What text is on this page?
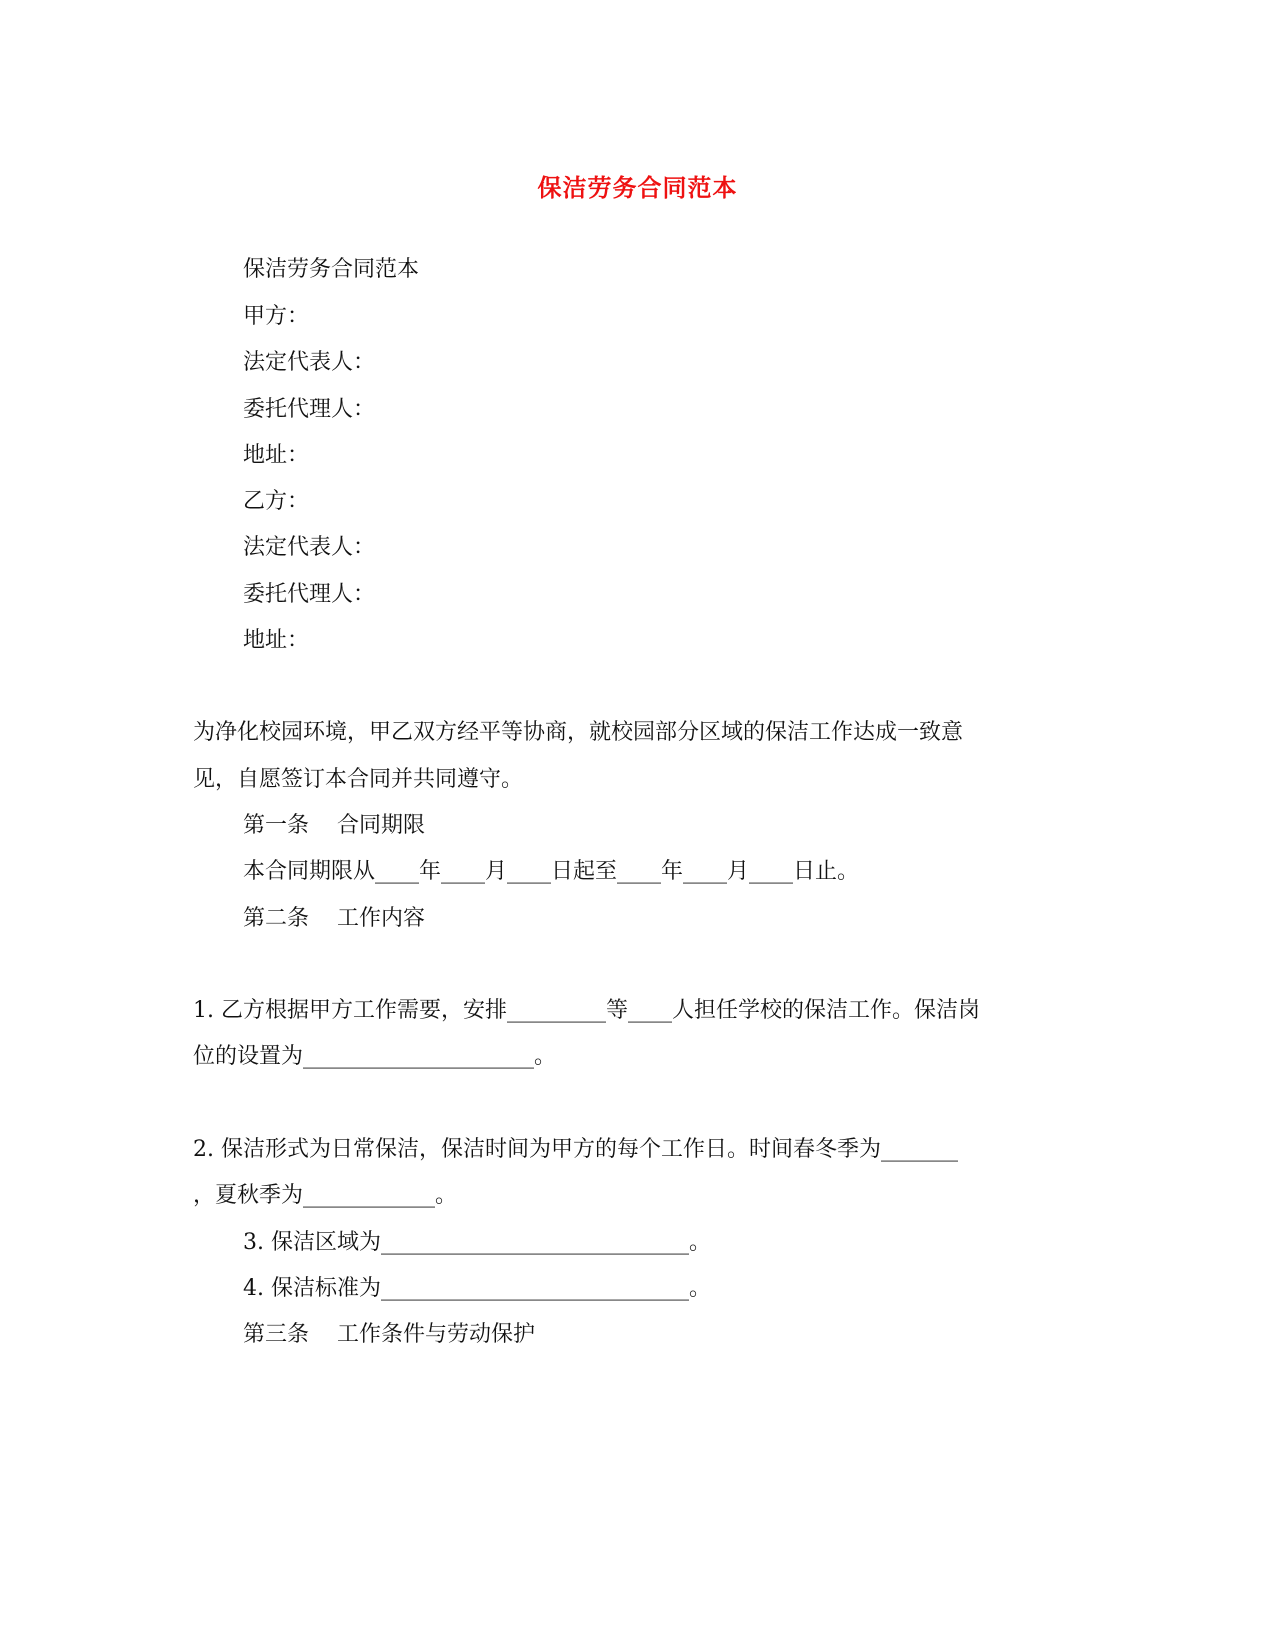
保洁劳务合同范本
保洁劳务合同范本
甲方：
法定代表人：
委托代理人：
地址：
乙方：
法定代表人：
委托代理人：
地址：
为净化校园环境，甲乙双方经平等协商，就校园部分区域的保洁工作达成一致意
见，自愿签订本合同并共同遵守。
第一条 合同期限
本合同期限从____年____月____日起至____年____月____日止。
第二条 工作内容
1. 乙方根据甲方工作需要，安排_________等____人担任学校的保洁工作。保洁岗
位的设置为_____________________。
2. 保洁形式为日常保洁，保洁时间为甲方的每个工作日。时间春冬季为_______
，夏秋季为____________。
3. 保洁区域为____________________________。
4. 保洁标准为____________________________。
第三条 工作条件与劳动保护
